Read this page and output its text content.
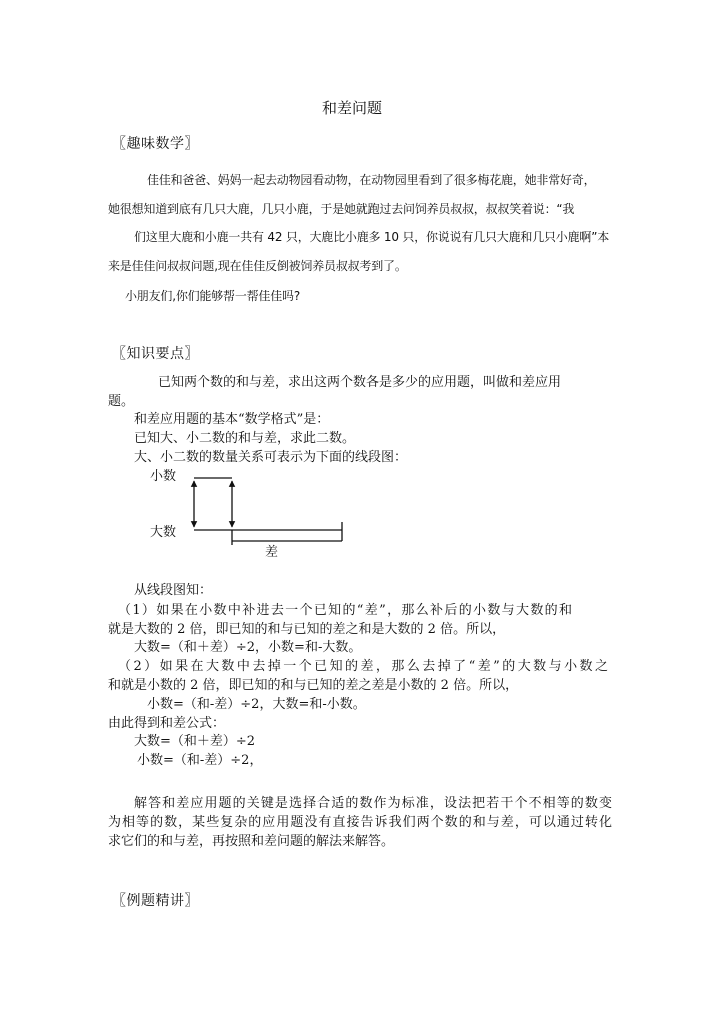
和差问题
〖趣味数学〗
佳佳和爸爸、妈妈一起去动物园看动物，在动物园里看到了很多梅花鹿，她非常好奇，
她很想知道到底有几只大鹿，几只小鹿，于是她就跑过去问饲养员叔叔，叔叔笑着说：“我
们这里大鹿和小鹿一共有 42 只，大鹿比小鹿多 10 只，你说说有几只大鹿和几只小鹿啊”本
来是佳佳问叔叔问题,现在佳佳反倒被饲养员叔叔考到了。
小朋友们,你们能够帮一帮佳佳吗?
〖知识要点〗
已知两个数的和与差，求出这两个数各是多少的应用题，叫做和差应用
题。
和差应用题的基本“数学格式”是：
已知大、小二数的和与差，求此二数。
大、小二数的数量关系可表示为下面的线段图：
小数
大数
差
从线段图知：
（1）如果在小数中补进去一个已知的“差”，那么补后的小数与大数的和
就是大数的 2 倍，即已知的和与已知的差之和是大数的 2 倍。所以，
大数=（和＋差）÷2，小数=和-大数。
（2）如果在大数中去掉一个已知的差，那么去掉了“差”的大数与小数之
和就是小数的 2 倍，即已知的和与已知的差之差是小数的 2 倍。所以，
小数=（和-差）÷2，大数=和-小数。
由此得到和差公式：
大数=（和＋差）÷2
小数=（和-差）÷2，
解答和差应用题的关键是选择合适的数作为标准，设法把若干个不相等的数变
为相等的数，某些复杂的应用题没有直接告诉我们两个数的和与差，可以通过转化
求它们的和与差，再按照和差问题的解法来解答。
〖例题精讲〗
